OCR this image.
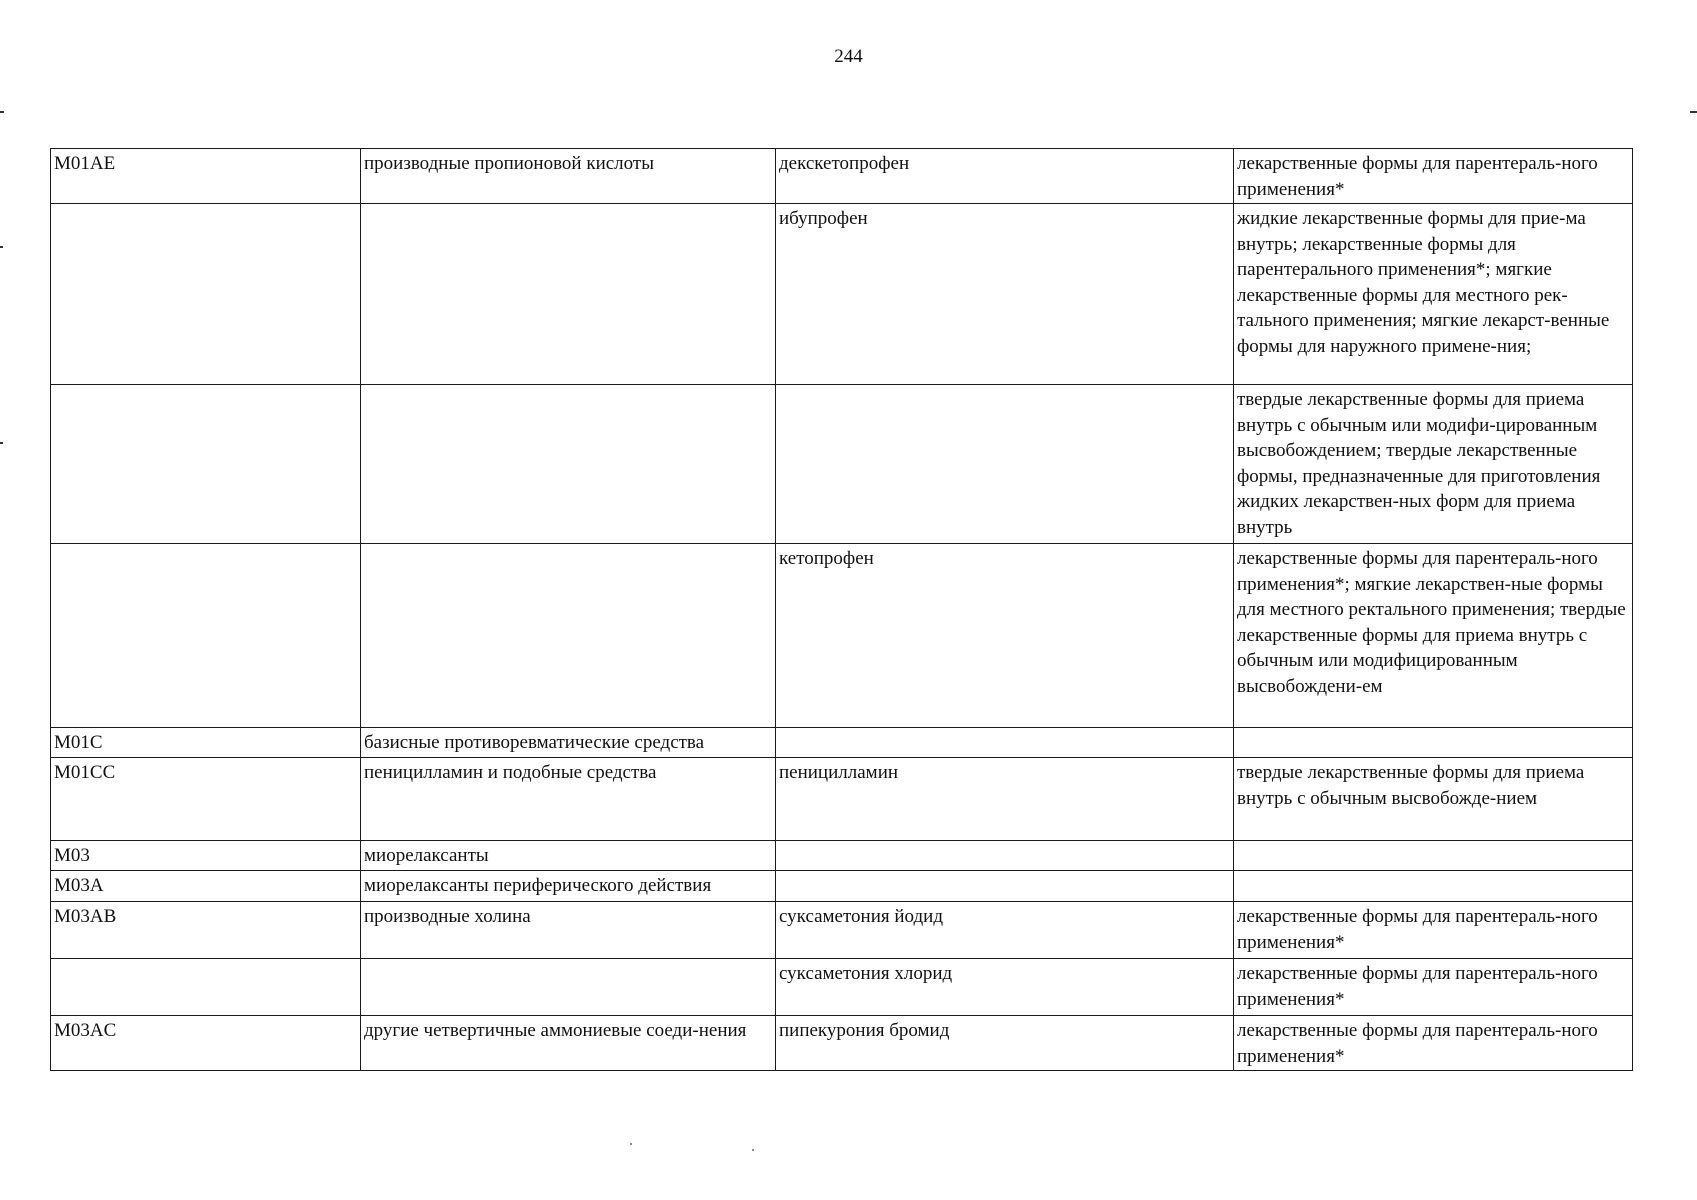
244
M01AE	производные пропионовой кислоты	декскетопрофен	лекарственные формы для парентераль-ного применения*
		ибупрофен	жидкие лекарственные формы для прие-ма внутрь; лекарственные формы для парентерального применения*; мягкие лекарственные формы для местного рек-тального применения; мягкие лекарст-венные формы для наружного примене-ния;
			твердые лекарственные формы для приема внутрь с обычным или модифи-цированным высвобождением; твердые лекарственные формы, предназначенные для приготовления жидких лекарствен-ных форм для приема внутрь
		кетопрофен	лекарственные формы для парентераль-ного применения*; мягкие лекарствен-ные формы для местного ректального применения; твердые лекарственные формы для приема внутрь с обычным или модифицированным высвобождени-ем
M01C	базисные противоревматические средства		
M01CC	пеницилламин и подобные средства	пеницилламин	твердые лекарственные формы для приема внутрь с обычным высвобожде-нием
M03	миорелаксанты		
M03A	миорелаксанты периферического действия		
M03AB	производные холина	суксаметония йодид	лекарственные формы для парентераль-ного применения*
		суксаметония хлорид	лекарственные формы для парентераль-ного применения*
M03AC	другие четвертичные аммониевые соеди-нения	пипекурония бромид	лекарственные формы для парентераль-ного применения*
